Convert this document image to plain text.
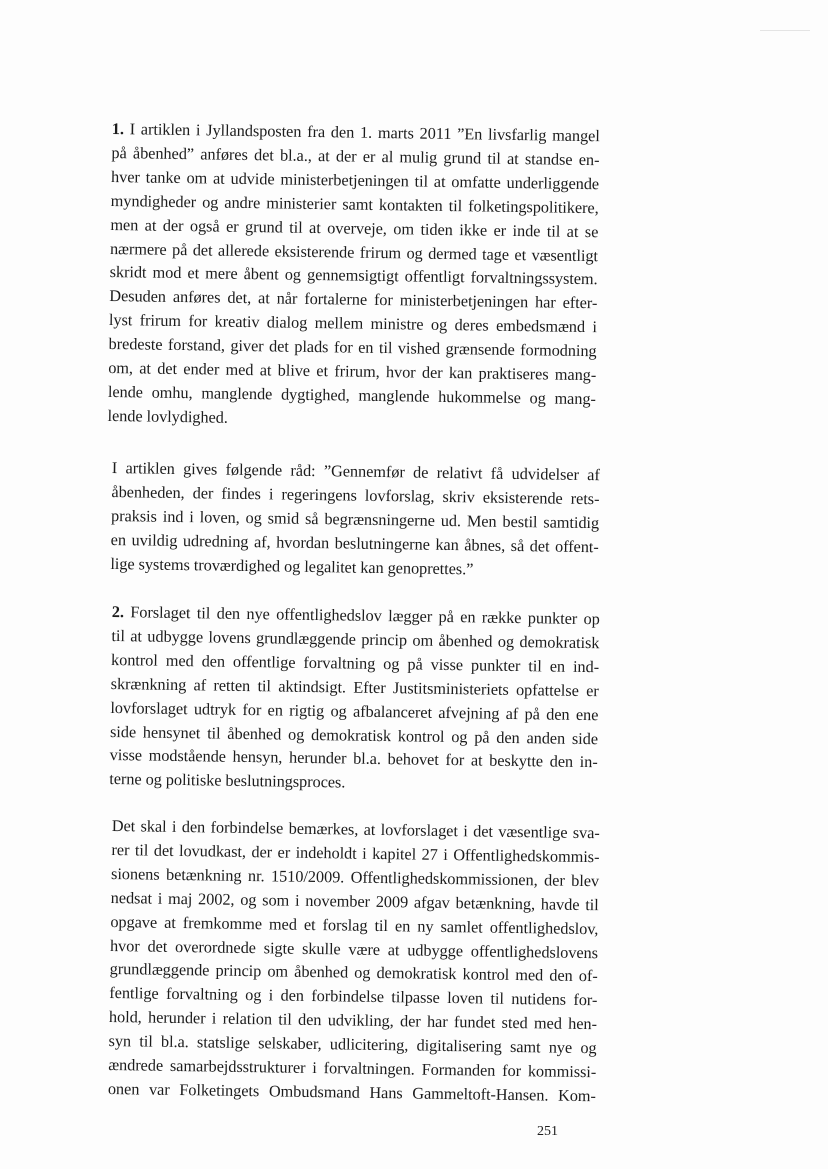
1. I artiklen i Jyllandsposten fra den 1. marts 2011 ”En livsfarlig mangel
på åbenhed” anføres det bl.a., at der er al mulig grund til at standse en-
hver tanke om at udvide ministerbetjeningen til at omfatte underliggende
myndigheder og andre ministerier samt kontakten til folketingspolitikere,
men at der også er grund til at overveje, om tiden ikke er inde til at se
nærmere på det allerede eksisterende frirum og dermed tage et væsentligt
skridt mod et mere åbent og gennemsigtigt offentligt forvaltningssystem.
Desuden anføres det, at når fortalerne for ministerbetjeningen har efter-
lyst frirum for kreativ dialog mellem ministre og deres embedsmænd i
bredeste forstand, giver det plads for en til vished grænsende formodning
om, at det ender med at blive et frirum, hvor der kan praktiseres mang-
lende omhu, manglende dygtighed, manglende hukommelse og mang-
lende lovlydighed.

I artiklen gives følgende råd: ”Gennemfør de relativt få udvidelser af
åbenheden, der findes i regeringens lovforslag, skriv eksisterende rets-
praksis ind i loven, og smid så begrænsningerne ud. Men bestil samtidig
en uvildig udredning af, hvordan beslutningerne kan åbnes, så det offent-
lige systems troværdighed og legalitet kan genoprettes.”

2. Forslaget til den nye offentlighedslov lægger på en række punkter op
til at udbygge lovens grundlæggende princip om åbenhed og demokratisk
kontrol med den offentlige forvaltning og på visse punkter til en ind-
skrænkning af retten til aktindsigt. Efter Justitsministeriets opfattelse er
lovforslaget udtryk for en rigtig og afbalanceret afvejning af på den ene
side hensynet til åbenhed og demokratisk kontrol og på den anden side
visse modstående hensyn, herunder bl.a. behovet for at beskytte den in-
terne og politiske beslutningsproces.

Det skal i den forbindelse bemærkes, at lovforslaget i det væsentlige sva-
rer til det lovudkast, der er indeholdt i kapitel 27 i Offentlighedskommis-
sionens betænkning nr. 1510/2009. Offentlighedskommissionen, der blev
nedsat i maj 2002, og som i november 2009 afgav betænkning, havde til
opgave at fremkomme med et forslag til en ny samlet offentlighedslov,
hvor det overordnede sigte skulle være at udbygge offentlighedslovens
grundlæggende princip om åbenhed og demokratisk kontrol med den of-
fentlige forvaltning og i den forbindelse tilpasse loven til nutidens for-
hold, herunder i relation til den udvikling, der har fundet sted med hen-
syn til bl.a. statslige selskaber, udlicitering, digitalisering samt nye og
ændrede samarbejdsstrukturer i forvaltningen. Formanden for kommissi-
onen var Folketingets Ombudsmand Hans Gammeltoft-Hansen. Kom-

251
